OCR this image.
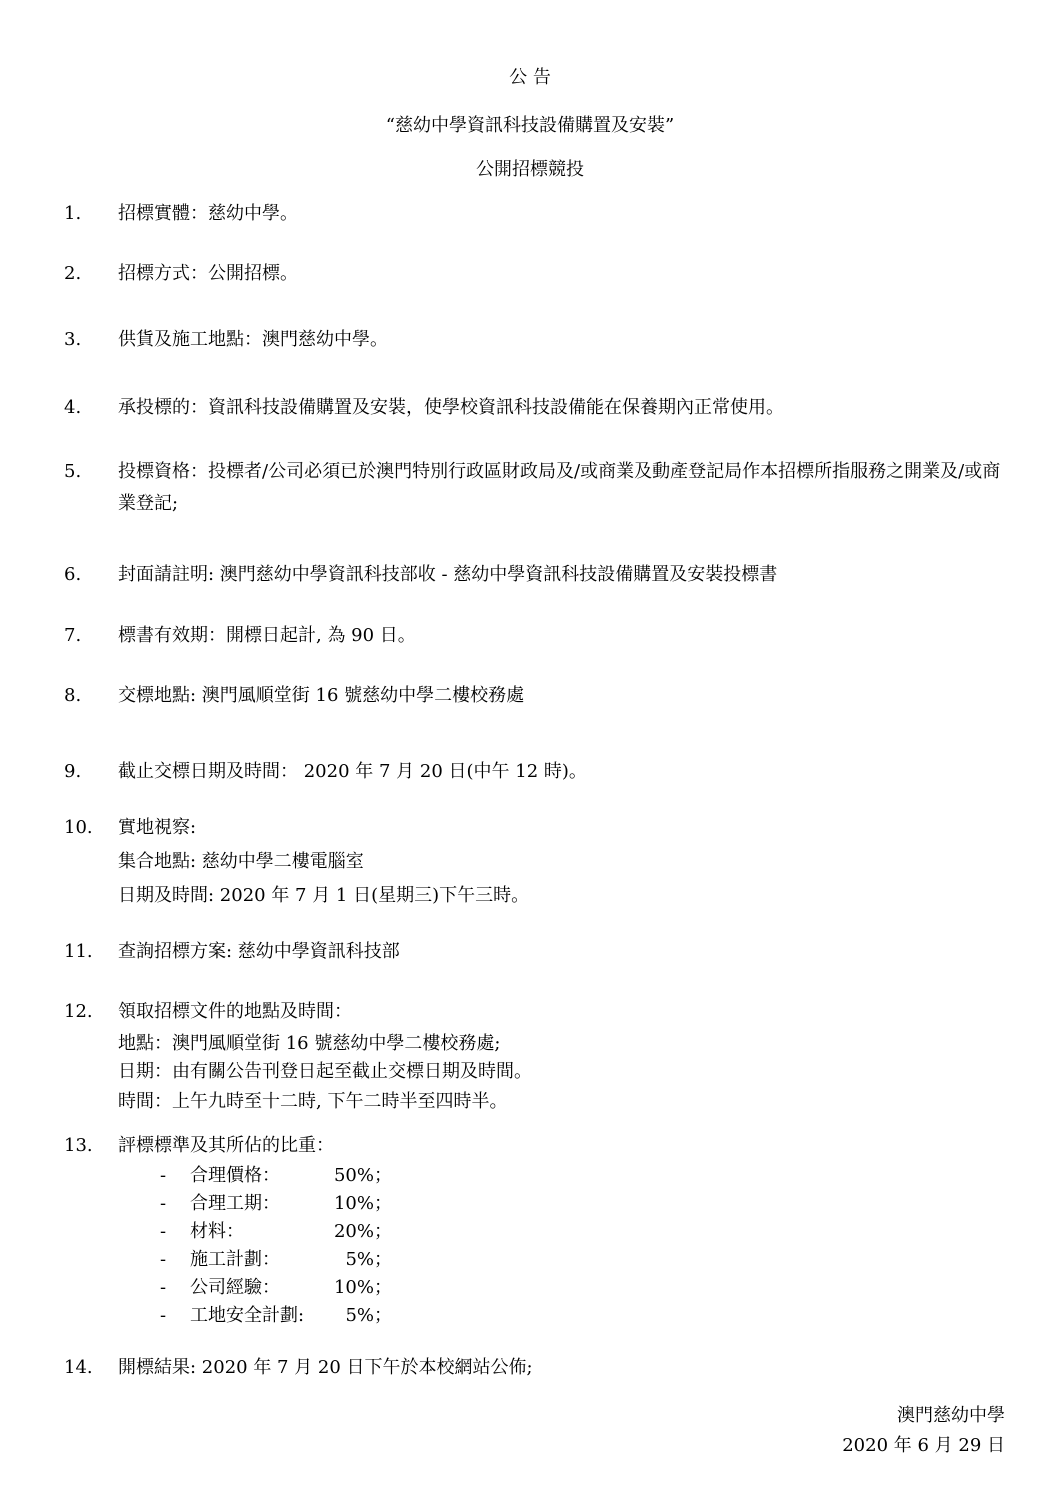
公 告
“慈幼中學資訊科技設備購置及安裝”
公開招標競投
1. 招標實體：慈幼中學。
2. 招標方式：公開招標。
3. 供貨及施工地點：澳門慈幼中學。
4. 承投標的：資訊科技設備購置及安裝，使學校資訊科技設備能在保養期內正常使用。
5. 投標資格：投標者/公司必須已於澳門特別行政區財政局及/或商業及動產登記局作本招標所指服務之開業及/或商業登記;
6. 封面請註明: 澳門慈幼中學資訊科技部收 - 慈幼中學資訊科技設備購置及安裝投標書
7. 標書有效期：開標日起計, 為 90 日。
8. 交標地點: 澳門風順堂街 16 號慈幼中學二樓校務處
9. 截止交標日期及時間： 2020 年 7 月 20 日(中午 12 時)。
10. 實地視察:
集合地點: 慈幼中學二樓電腦室
日期及時間: 2020 年 7 月 1 日(星期三)下午三時。
11. 查詢招標方案: 慈幼中學資訊科技部
12. 領取招標文件的地點及時間：
地點：澳門風順堂街 16 號慈幼中學二樓校務處;
日期：由有關公告刊登日起至截止交標日期及時間。
時間：上午九時至十二時, 下午二時半至四時半。
13. 評標標準及其所佔的比重：
- 合理價格：	50%；
- 合理工期：	10%；
- 材料：	20%；
- 施工計劃：	5%；
- 公司經驗：	10%；
- 工地安全計劃:	5%；
14. 開標結果: 2020 年 7 月 20 日下午於本校網站公佈;
澳門慈幼中學
2020 年 6 月 29 日
